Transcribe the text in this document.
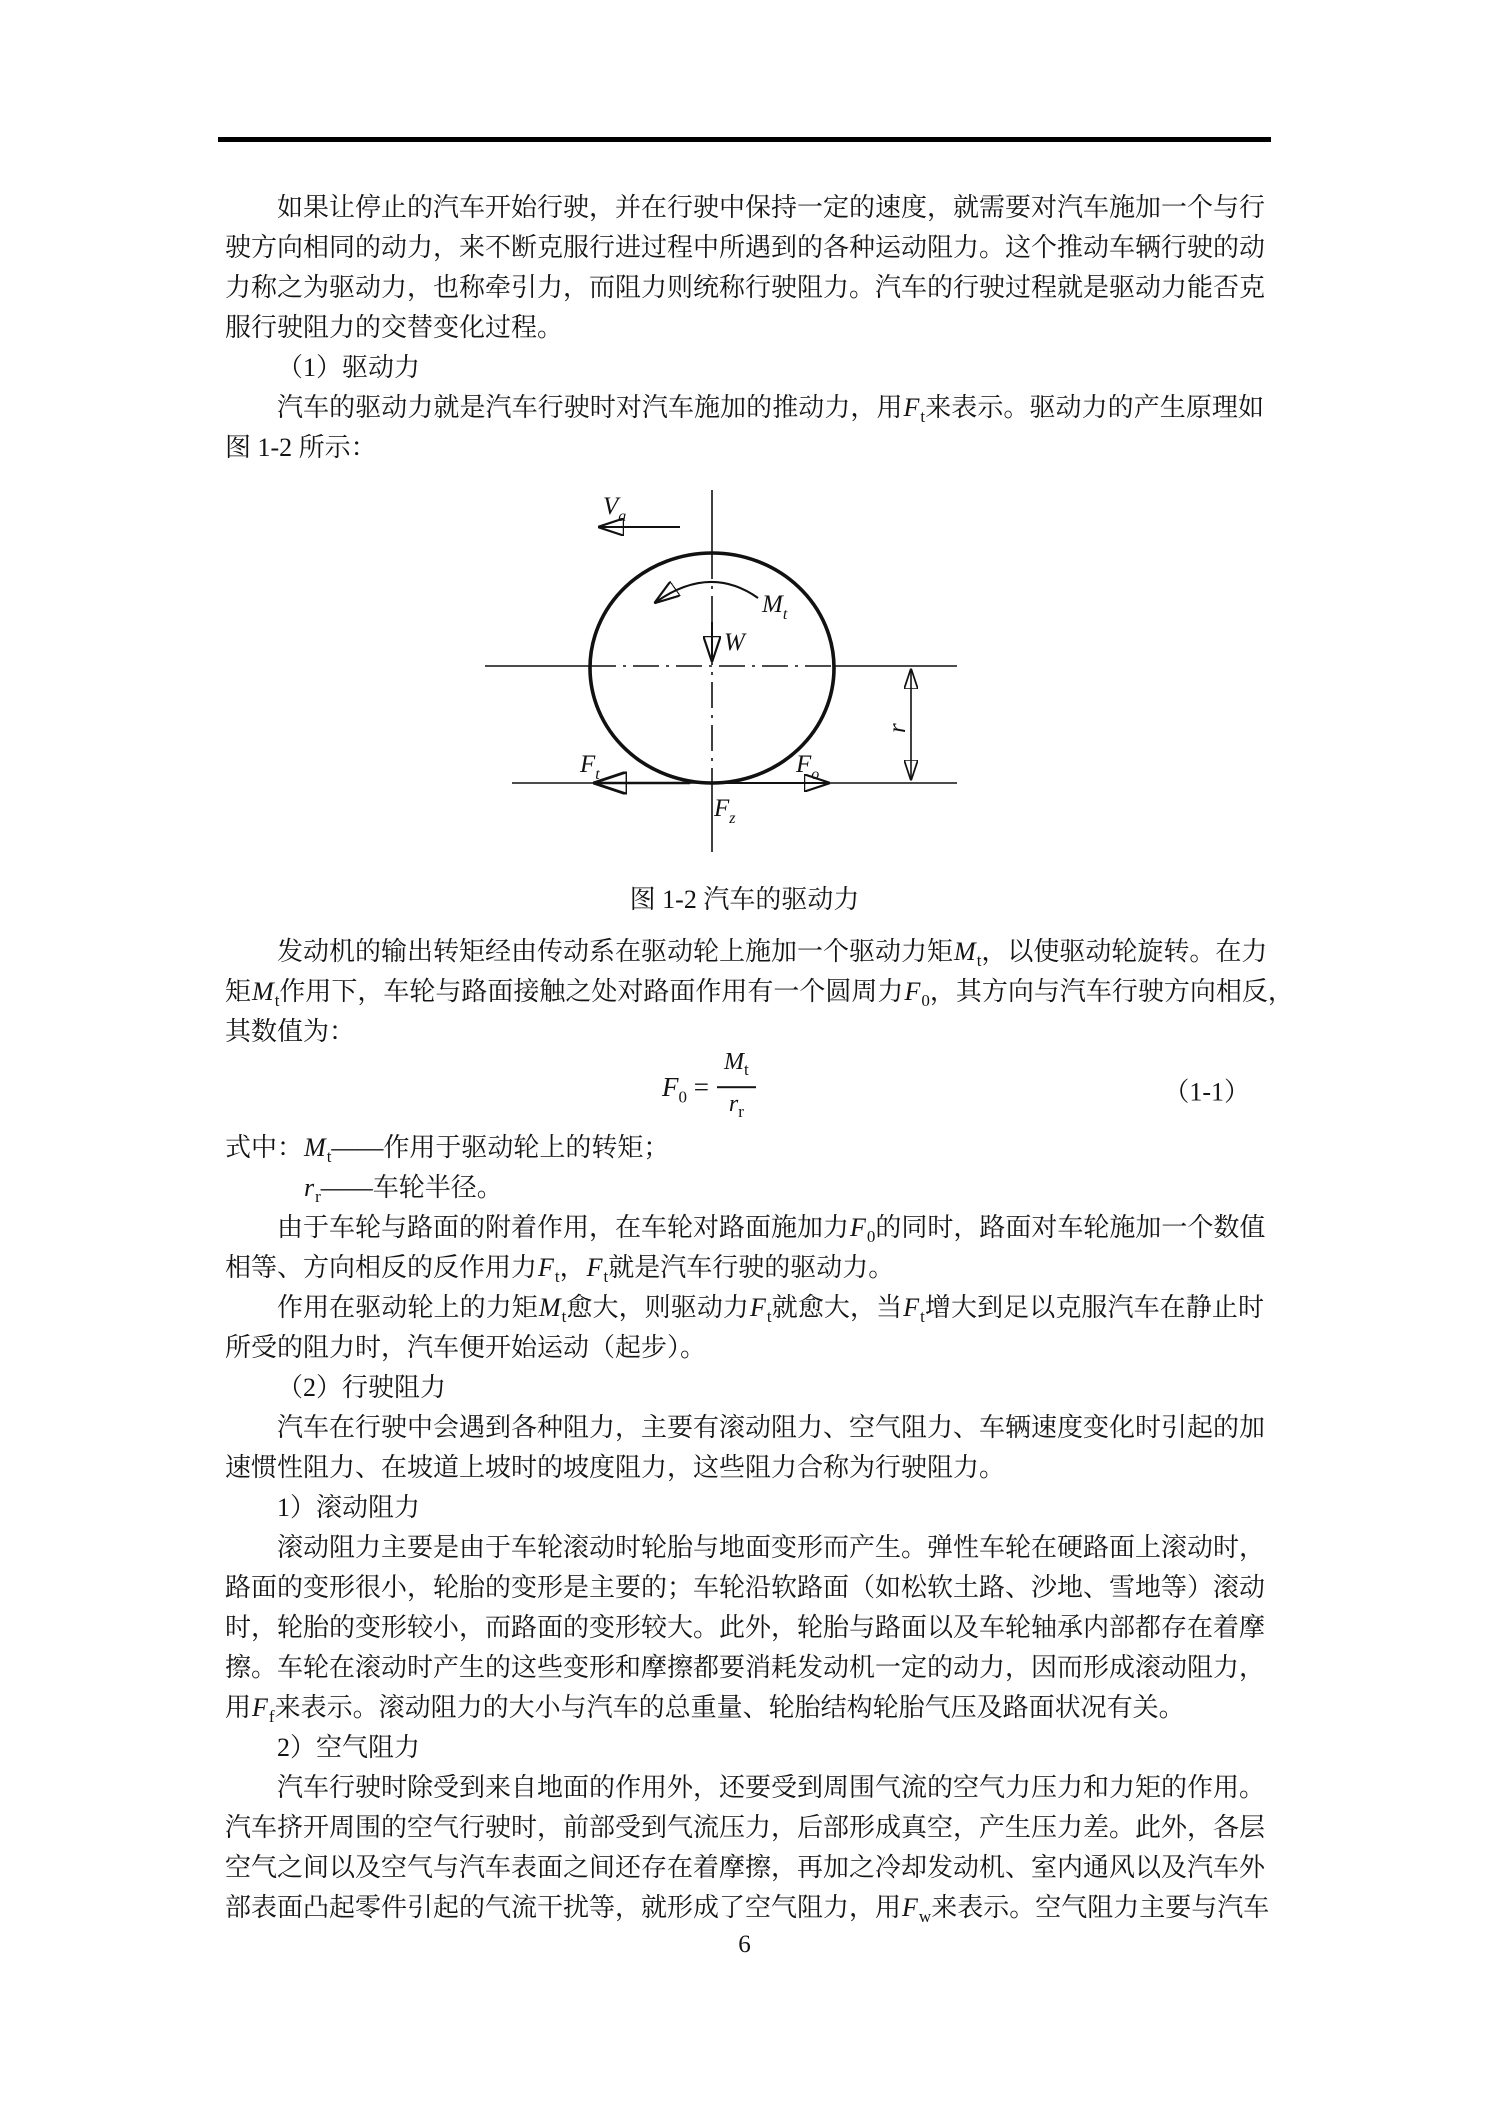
如果让停止的汽车开始行驶，并在行驶中保持一定的速度，就需要对汽车施加一个与行
驶方向相同的动力，来不断克服行进过程中所遇到的各种运动阻力。这个推动车辆行驶的动
力称之为驱动力，也称牵引力，而阻力则统称行驶阻力。汽车的行驶过程就是驱动力能否克
服行驶阻力的交替变化过程。
（1）驱动力
汽车的驱动力就是汽车行驶时对汽车施加的推动力，用$F_t$来表示。驱动力的产生原理如
图 1-2 所示：
$V_a$
$M_t$
W
$F_t$	$F_o$
$F_z$
r
图 1-2 汽车的驱动力
发动机的输出转矩经由传动系在驱动轮上施加一个驱动力矩$M_t$，以使驱动轮旋转。在力
矩$M_t$作用下，车轮与路面接触之处对路面作用有一个圆周力$F_0$，其方向与汽车行驶方向相反，
其数值为：
$F_0 = \frac{M_t}{r_r}$	（1-1）
式中：$M_t——$作用于驱动轮上的转矩；
$r_r——$车轮半径。
由于车轮与路面的附着作用，在车轮对路面施加力$F_0$的同时，路面对车轮施加一个数值
相等、方向相反的反作用力$F_t$，$F_t$就是汽车行驶的驱动力。
作用在驱动轮上的力矩$M_t$愈大，则驱动力$F_t$就愈大，当$F_t$增大到足以克服汽车在静止时
所受的阻力时，汽车便开始运动（起步）。
（2）行驶阻力
汽车在行驶中会遇到各种阻力，主要有滚动阻力、空气阻力、车辆速度变化时引起的加
速惯性阻力、在坡道上坡时的坡度阻力，这些阻力合称为行驶阻力。
1）滚动阻力
滚动阻力主要是由于车轮滚动时轮胎与地面变形而产生。弹性车轮在硬路面上滚动时，
路面的变形很小，轮胎的变形是主要的；车轮沿软路面（如松软土路、沙地、雪地等）滚动
时，轮胎的变形较小，而路面的变形较大。此外，轮胎与路面以及车轮轴承内部都存在着摩
擦。车轮在滚动时产生的这些变形和摩擦都要消耗发动机一定的动力，因而形成滚动阻力，
用$F_f$来表示。滚动阻力的大小与汽车的总重量、轮胎结构轮胎气压及路面状况有关。
2）空气阻力
汽车行驶时除受到来自地面的作用外，还要受到周围气流的空气力压力和力矩的作用。
汽车挤开周围的空气行驶时，前部受到气流压力，后部形成真空，产生压力差。此外，各层
空气之间以及空气与汽车表面之间还存在着摩擦，再加之冷却发动机、室内通风以及汽车外
部表面凸起零件引起的气流干扰等，就形成了空气阻力，用$F_w$来表示。空气阻力主要与汽车
6
